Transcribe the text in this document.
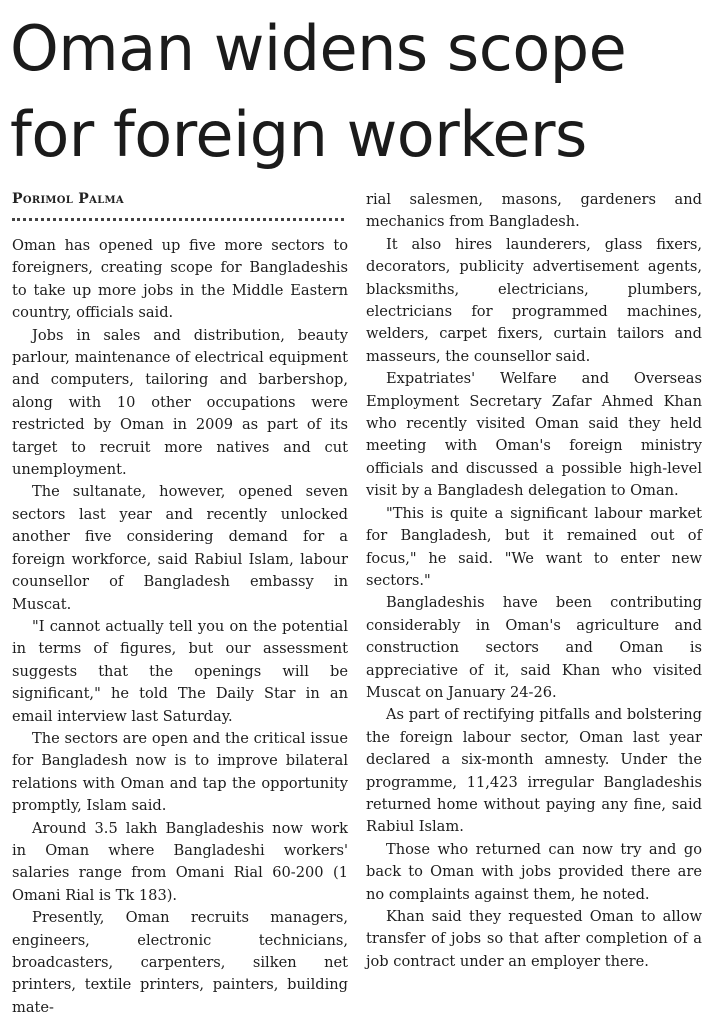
Oman widens scope for foreign workers
Porimol Palma

Oman has opened up five more sectors to foreigners, creating scope for Bangladeshis to take up more jobs in the Middle Eastern country, officials said.

Jobs in sales and distribution, beauty parlour, maintenance of electrical equipment and computers, tailoring and barbershop, along with 10 other occupations were restricted by Oman in 2009 as part of its target to recruit more natives and cut unemployment.

The sultanate, however, opened seven sectors last year and recently unlocked another five considering demand for a foreign workforce, said Rabiul Islam, labour counsellor of Bangladesh embassy in Muscat.

"I cannot actually tell you on the potential in terms of figures, but our assessment suggests that the openings will be significant," he told The Daily Star in an email interview last Saturday.

The sectors are open and the critical issue for Bangladesh now is to improve bilateral relations with Oman and tap the opportunity promptly, Islam said.

Around 3.5 lakh Bangladeshis now work in Oman where Bangladeshi workers' salaries range from Omani Rial 60-200 (1 Omani Rial is Tk 183).

Presently, Oman recruits managers, engineers, electronic technicians, broadcasters, carpenters, silken net printers, textile printers, painters, building mate-

rial salesmen, masons, gardeners and mechanics from Bangladesh.

It also hires launderers, glass fixers, decorators, publicity advertisement agents, blacksmiths, electricians, plumbers, electricians for programmed machines, welders, carpet fixers, curtain tailors and masseurs, the counsellor said.

Expatriates' Welfare and Overseas Employment Secretary Zafar Ahmed Khan who recently visited Oman said they held meeting with Oman's foreign ministry officials and discussed a possible high-level visit by a Bangladesh delegation to Oman.

"This is quite a significant labour market for Bangladesh, but it remained out of focus," he said. "We want to enter new sectors."

Bangladeshis have been contributing considerably in Oman's agriculture and construction sectors and Oman is appreciative of it, said Khan who visited Muscat on January 24-26.

As part of rectifying pitfalls and bolstering the foreign labour sector, Oman last year declared a six-month amnesty. Under the programme, 11,423 irregular Bangladeshis returned home without paying any fine, said Rabiul Islam.

Those who returned can now try and go back to Oman with jobs provided there are no complaints against them, he noted.

Khan said they requested Oman to allow transfer of jobs so that after completion of a job contract under an employer there.
